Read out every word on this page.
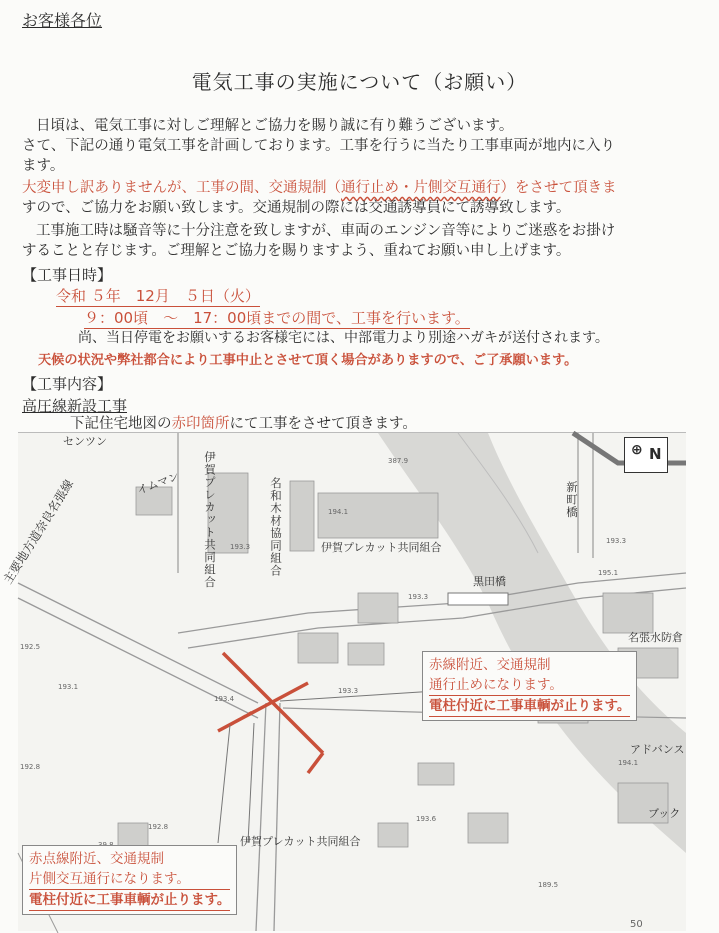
お客様各位
電気工事の実施について（お願い）
日頃は、電気工事に対しご理解とご協力を賜り誠に有り難うございます。
さて、下記の通り電気工事を計画しております。工事を行うに当たり工事車両が地内に入り
ます。
大変申し訳ありませんが、工事の間、交通規制（通行止め・片側交互通行）をさせて頂きま
すので、ご協力をお願い致します。交通規制の際には交通誘導員にて誘導致します。
工事施工時は騒音等に十分注意を致しますが、車両のエンジン音等によりご迷惑をお掛け
することと存じます。ご理解とご協力を賜りますよう、重ねてお願い申し上げます。
【工事日時】
令和 ５年　12月　５日（火）
９：00頃　～　17：00頃までの間で、工事を行います。
尚、当日停電をお願いするお客様宅には、中部電力より別途ハガキが送付されます。
天候の状況や弊社都合により工事中止とさせて頂く場合がありますので、ご了承願います。
【工事内容】
高圧線新設工事
下記住宅地図の赤印箇所にて工事をさせて頂きます。
センツン
伊賀プレカット共同組合	名和木材協同組合
イムマン
主要地方道奈良名張線	伊賀プレカット共同組合
黒田橋
新町橋
名張水防倉
アドバンス
ブック
伊賀プレカット共同組合
387.9
194.1
193.3
193.3
192.5
193.1
193.4
193.3
192.8
192.8
194.1
193.6
189.5
193.3
195.1
⊕ N
赤線附近、交通規制
通行止めになります。
電柱付近に工事車輌が止ります。
赤点線附近、交通規制
片側交互通行になります。
電柱付近に工事車輌が止ります。
50
